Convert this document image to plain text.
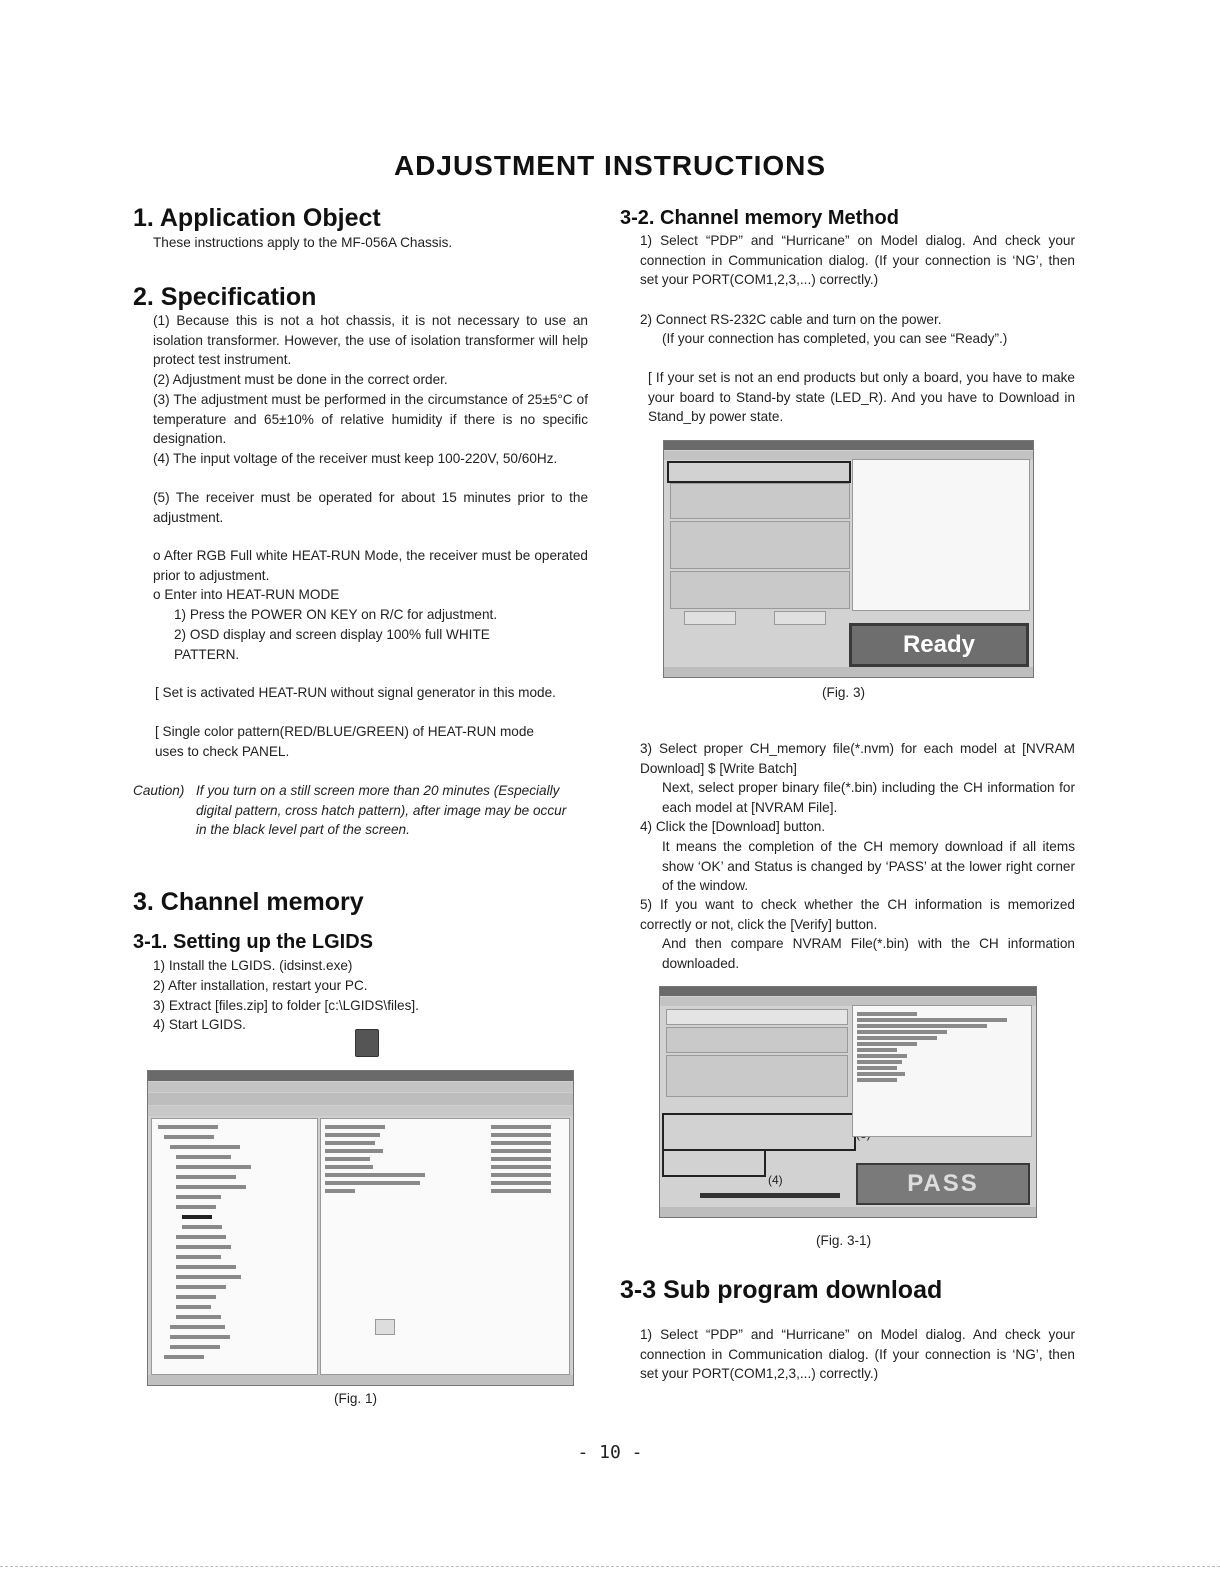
ADJUSTMENT INSTRUCTIONS
1. Application Object
These instructions apply to the MF-056A Chassis.
2. Specification
(1) Because this is not a hot chassis, it is not necessary to use an isolation transformer. However, the use of isolation transformer will help protect test instrument.
(2) Adjustment must be done in the correct order.
(3) The adjustment must be performed in the circumstance of 25±5°C of temperature and 65±10% of relative humidity if there is no specific designation.
(4) The input voltage of the receiver must keep 100-220V, 50/60Hz.
(5) The receiver must be operated for about 15 minutes prior to the adjustment.
o After RGB Full white HEAT-RUN Mode, the receiver must be operated prior to adjustment.
o Enter into HEAT-RUN MODE
1) Press the POWER ON KEY on R/C for adjustment.
2) OSD display and screen display 100% full WHITE PATTERN.
[ Set is activated HEAT-RUN without signal generator in this mode.
[ Single color pattern(RED/BLUE/GREEN) of HEAT-RUN mode uses to check PANEL.
Caution) If you turn on a still screen more than 20 minutes (Especially digital pattern, cross hatch pattern), after image may be occur in the black level part of the screen.
3. Channel memory
3-1. Setting up the LGIDS
1) Install the LGIDS. (idsinst.exe)
2) After installation, restart your PC.
3) Extract [files.zip] to folder [c:\LGIDS\files].
4) Start LGIDS.
(Fig. 1)
3-2. Channel memory Method
1) Select “PDP” and “Hurricane” on Model dialog. And check your connection in Communication dialog. (If your connection is ‘NG’, then set your PORT(COM1,2,3,...) correctly.)
2) Connect RS-232C cable and turn on the power.
(If your connection has completed, you can see “Ready”.)
[ If your set is not an end products but only a board, you have to make your board to Stand-by state (LED_R). And you have to Download in Stand_by power state.
Ready
(Fig. 3)
3) Select proper CH_memory file(*.nvm) for each model at [NVRAM Download] $ [Write Batch]
Next, select proper binary file(*.bin) including the CH information for each model at [NVRAM File].
4) Click the [Download] button.
It means the completion of the CH memory download if all items show ‘OK’ and Status is changed by ‘PASS’ at the lower right corner of the window.
5) If you want to check whether the CH information is memorized correctly or not, click the [Verify] button.
And then compare NVRAM File(*.bin) with the CH information downloaded.
(4)	PASS
(Fig. 3-1)
3-3 Sub program download
1) Select “PDP” and “Hurricane” on Model dialog. And check your connection in Communication dialog. (If your connection is ‘NG’, then set your PORT(COM1,2,3,...) correctly.)
- 10 -
